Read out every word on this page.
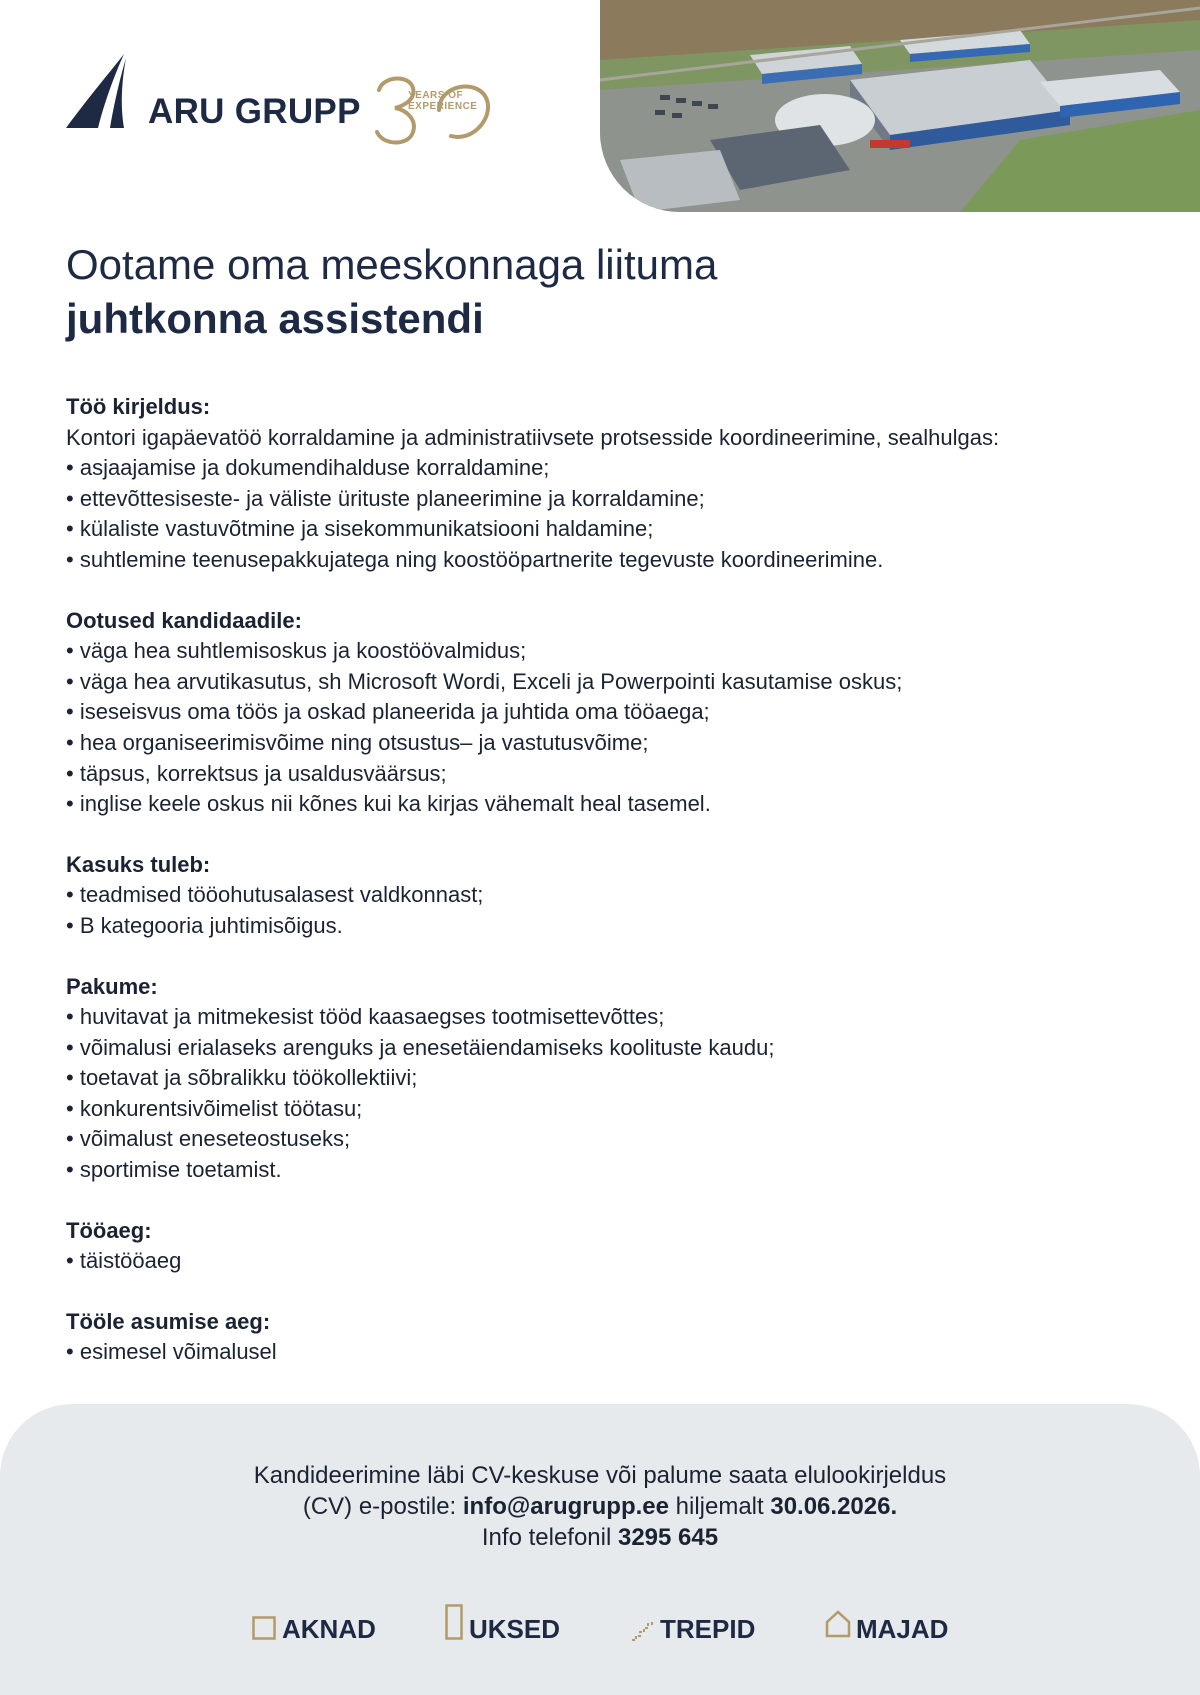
ARU GRUPP	YEARS OF
EXPERIENCE
Ootame oma meeskonnaga liituma
juhtkonna assistendi
Töö kirjeldus:

Kontori igapäevatöö korraldamine ja administratiivsete protsesside koordineerimine, sealhulgas:

• asjaajamise ja dokumendihalduse korraldamine;
• ettevõttesiseste- ja väliste ürituste planeerimine ja korraldamine;
• külaliste vastuvõtmine ja sisekommunikatsiooni haldamine;
• suhtlemine teenusepakkujatega ning koostööpartnerite tegevuste koordineerimine.
Ootused kandidaadile:
• väga hea suhtlemisoskus ja koostöövalmidus;
• väga hea arvutikasutus, sh Microsoft Wordi, Exceli ja Powerpointi kasutamise oskus;
• iseseisvus oma töös ja oskad planeerida ja juhtida oma tööaega;
• hea organiseerimisvõime ning otsustus– ja vastutusvõime;
• täpsus, korrektsus ja usaldusväärsus;
• inglise keele oskus nii kõnes kui ka kirjas vähemalt heal tasemel.
Kasuks tuleb:
• teadmised tööohutusalasest valdkonnast;
• B kategooria juhtimisõigus.
Pakume:
• huvitavat ja mitmekesist tööd kaasaegses tootmisettevõttes;
• võimalusi erialaseks arenguks ja enesetäiendamiseks koolituste kaudu;
• toetavat ja sõbralikku töökollektiivi;
• konkurentsivõimelist töötasu;
• võimalust eneseteostuseks;
• sportimise toetamist.
Tööaeg:
• täistööaeg
Tööle asumise aeg:
• esimesel võimalusel
Kandideerimine läbi CV-keskuse või palume saata elulookirjeldus
(CV) e-postile: info@arugrupp.ee hiljemalt 30.06.2026.
Info telefonil 3295 645
AKNAD	UKSED	TREPID	MAJAD
